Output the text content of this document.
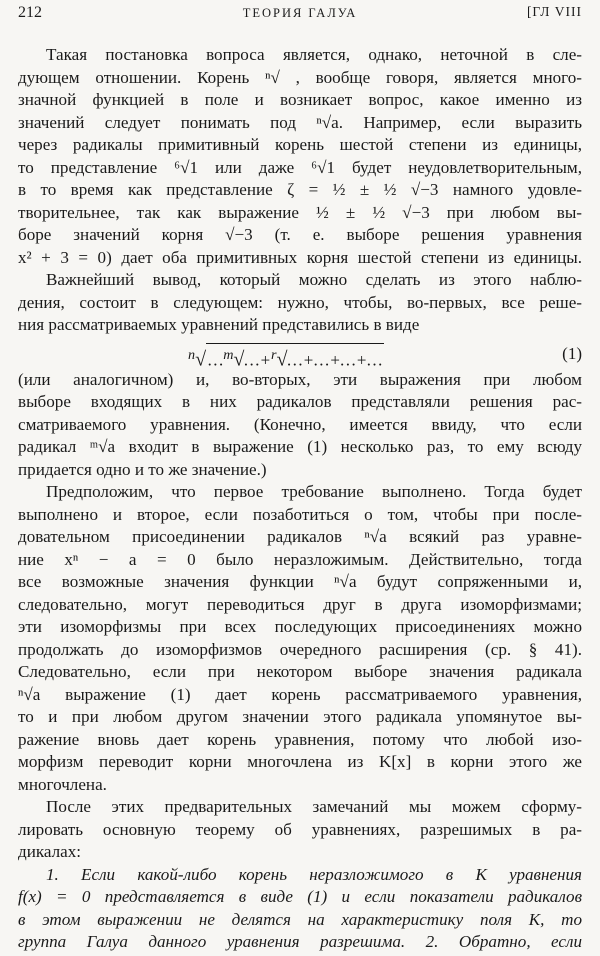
212	ТЕОРИЯ ГАЛУА	[ГЛ VIII
Такая постановка вопроса является, однако, неточной в сле-
дующем отношении. Корень ⁿ√ , вообще говоря, является много-
значной функцией в поле и возникает вопрос, какое именно из
значений следует понимать под ⁿ√a. Например, если выразить
через радикалы примитивный корень шестой степени из единицы,
то представление ⁶√1 или даже ⁶√1 будет неудовлетворительным,
в то время как представление ζ = ½ ± ½ √−3 намного удовле-
творительнее, так как выражение ½ ± ½ √−3 при любом вы-
боре значений корня √−3 (т. е. выборе решения уравнения
x² + 3 = 0) дает оба примитивных корня шестой степени из единицы.
Важнейший вывод, который можно сделать из этого наблю-
дения, состоит в следующем: нужно, чтобы, во-первых, все реше-
ния рассматриваемых уравнений представились в виде
$^n$√ …$^m$√…+$^r$√…+…+…+…	(1)
(или аналогичном) и, во-вторых, эти выражения при любом
выборе входящих в них радикалов представляли решения рас-
сматриваемого уравнения. (Конечно, имеется ввиду, что если
радикал ᵐ√a входит в выражение (1) несколько раз, то ему всюду
придается одно и то же значение.)
Предположим, что первое требование выполнено. Тогда будет
выполнено и второе, если позаботиться о том, чтобы при после-
довательном присоединении радикалов ⁿ√a всякий раз уравне-
ние xⁿ − a = 0 было неразложимым. Действительно, тогда
все возможные значения функции ⁿ√a будут сопряженными и,
следовательно, могут переводиться друг в друга изоморфизмами;
эти изоморфизмы при всех последующих присоединениях можно
продолжать до изоморфизмов очередного расширения (ср. § 41).
Следовательно, если при некотором выборе значения радикала
ⁿ√a выражение (1) дает корень рассматриваемого уравнения,
то и при любом другом значении этого радикала упомянутое вы-
ражение вновь дает корень уравнения, потому что любой изо-
морфизм переводит корни многочлена из K[x] в корни этого же
многочлена.
После этих предварительных замечаний мы можем сформу-
лировать основную теорему об уравнениях, разрешимых в ра-
дикалах:
1. Если какой-либо корень неразложимого в K уравнения
f(x) = 0 представляется в виде (1) и если показатели радикалов
в этом выражении не делятся на характеристику поля K, то
группа Галуа данного уравнения разрешима. 2. Обратно, если
